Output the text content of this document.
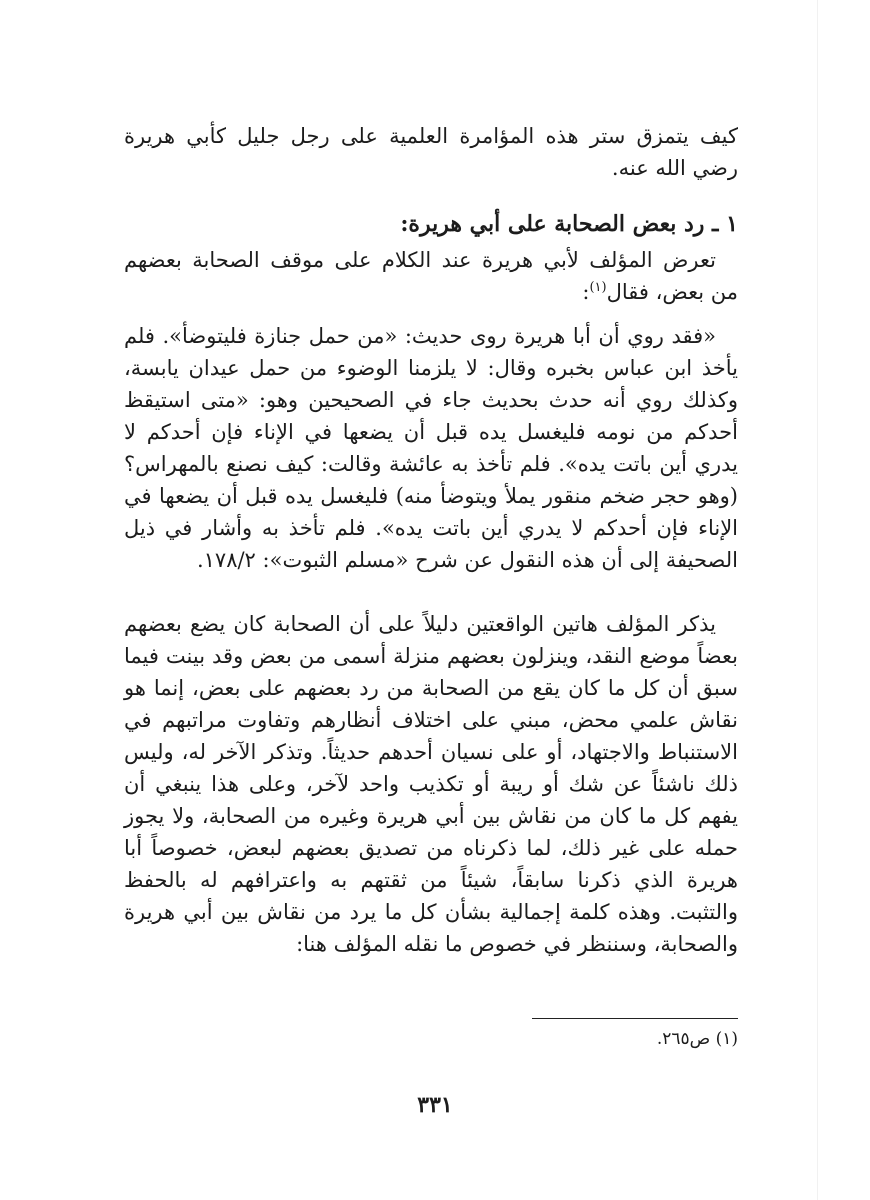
كيف يتمزق ستر هذه المؤامرة العلمية على رجل جليل كأبي هريرة رضي الله عنه.

١ ـ رد بعض الصحابة على أبي هريرة:

تعرض المؤلف لأبي هريرة عند الكلام على موقف الصحابة بعضهم من بعض، فقال$^{(١)}$:

«فقد روي أن أبا هريرة روى حديث: «من حمل جنازة فليتوضأ». فلم يأخذ ابن عباس بخبره وقال: لا يلزمنا الوضوء من حمل عيدان يابسة، وكذلك روي أنه حدث بحديث جاء في الصحيحين وهو: «متى استيقظ أحدكم من نومه فليغسل يده قبل أن يضعها في الإناء فإن أحدكم لا يدري أين باتت يده». فلم تأخذ به عائشة وقالت: كيف نصنع بالمهراس؟ (وهو حجر ضخم منقور يملأ ويتوضأ منه) فليغسل يده قبل أن يضعها في الإناء فإن أحدكم لا يدري أين باتت يده». فلم تأخذ به وأشار في ذيل الصحيفة إلى أن هذه النقول عن شرح «مسلم الثبوت»: ١٧٨/٢.

يذكر المؤلف هاتين الواقعتين دليلاً على أن الصحابة كان يضع بعضهم بعضاً موضع النقد، وينزلون بعضهم منزلة أسمى من بعض وقد بينت فيما سبق أن كل ما كان يقع من الصحابة من رد بعضهم على بعض، إنما هو نقاش علمي محض، مبني على اختلاف أنظارهم وتفاوت مراتبهم في الاستنباط والاجتهاد، أو على نسيان أحدهم حديثاً. وتذكر الآخر له، وليس ذلك ناشئاً عن شك أو ريبة أو تكذيب واحد لآخر، وعلى هذا ينبغي أن يفهم كل ما كان من نقاش بين أبي هريرة وغيره من الصحابة، ولا يجوز حمله على غير ذلك، لما ذكرناه من تصديق بعضهم لبعض، خصوصاً أبا هريرة الذي ذكرنا سابقاً، شيئاً من ثقتهم به واعترافهم له بالحفظ والتثبت. وهذه كلمة إجمالية بشأن كل ما يرد من نقاش بين أبي هريرة والصحابة، وسننظر في خصوص ما نقله المؤلف هنا:

(١) ص٢٦٥.

٣٣١
